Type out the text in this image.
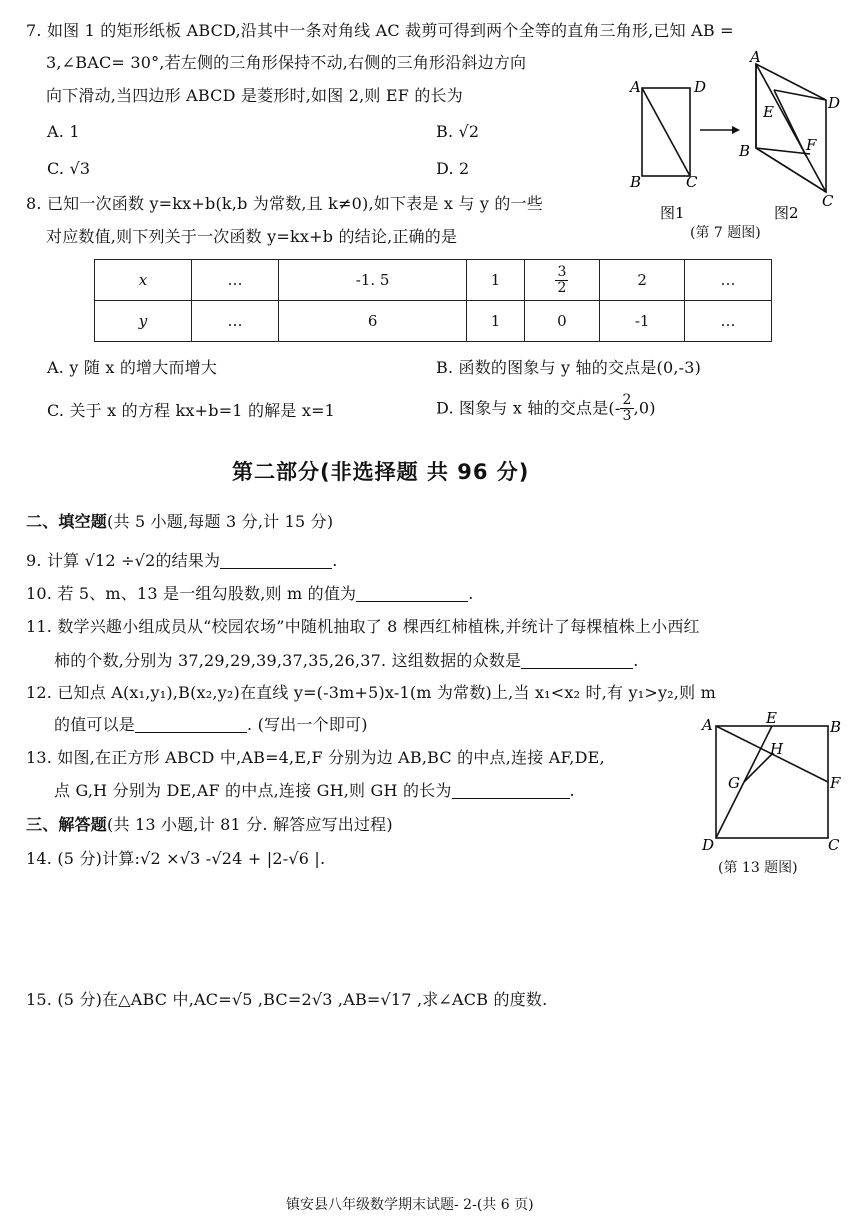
7. 如图 1 的矩形纸板 ABCD,沿其中一条对角线 AC 裁剪可得到两个全等的直角三角形,已知 AB =
3,∠BAC= 30°,若左侧的三角形保持不动,右侧的三角形沿斜边方向
向下滑动,当四边形 ABCD 是菱形时,如图 2,则 EF 的长为
A. 1	B. √2
C. √3	D. 2
A	D
B	C
A
D
E
F
B
C
图1	图2
(第 7 题图)
8. 已知一次函数 y=kx+b(k,b 为常数,且 k≠0),如下表是 x 与 y 的一些
对应数值,则下列关于一次函数 y=kx+b 的结论,正确的是
x	…	-1. 5	1	$\frac{3}{2}$	2	…
y	…	6	1	0	-1	…
A. y 随 x 的增大而增大	B. 函数的图象与 y 轴的交点是(0,-3)
C. 关于 x 的方程 kx+b=1 的解是 x=1	D. 图象与 x 轴的交点是(- $\frac{2}{3} ,0$)
第二部分(非选择题 共 96 分)
二、填空题(共 5 小题,每题 3 分,计 15 分)
9. 计算 √12 ÷√2的结果为	.
10. 若 5、m、13 是一组勾股数,则 m 的值为	.
11. 数学兴趣小组成员从“校园农场”中随机抽取了 8 棵西红柿植株,并统计了每棵植株上小西红
柿的个数,分别为 37,29,29,39,37,35,26,37. 这组数据的众数是	.
12. 已知点 A(x₁,y₁),B(x₂,y₂)在直线 y=(-3m+5)x-1(m 为常数)上,当 x₁<x₂ 时,有 y₁>y₂,则 m
的值可以是	. (写出一个即可)
13. 如图,在正方形 ABCD 中,AB=4,E,F 分别为边 AB,BC 的中点,连接 AF,DE,
点 G,H 分别为 DE,AF 的中点,连接 GH,则 GH 的长为	.
A	E	B
H
G	F
D	C
(第 13 题图)
三、解答题(共 13 小题,计 81 分. 解答应写出过程)
14. (5 分)计算:√2 ×√3 -√24 + |2-√6 |.
15. (5 分)在△ABC 中,AC=√5 ,BC=2√3 ,AB=√17 ,求∠ACB 的度数.
镇安县八年级数学期末试题- 2-(共 6 页)
